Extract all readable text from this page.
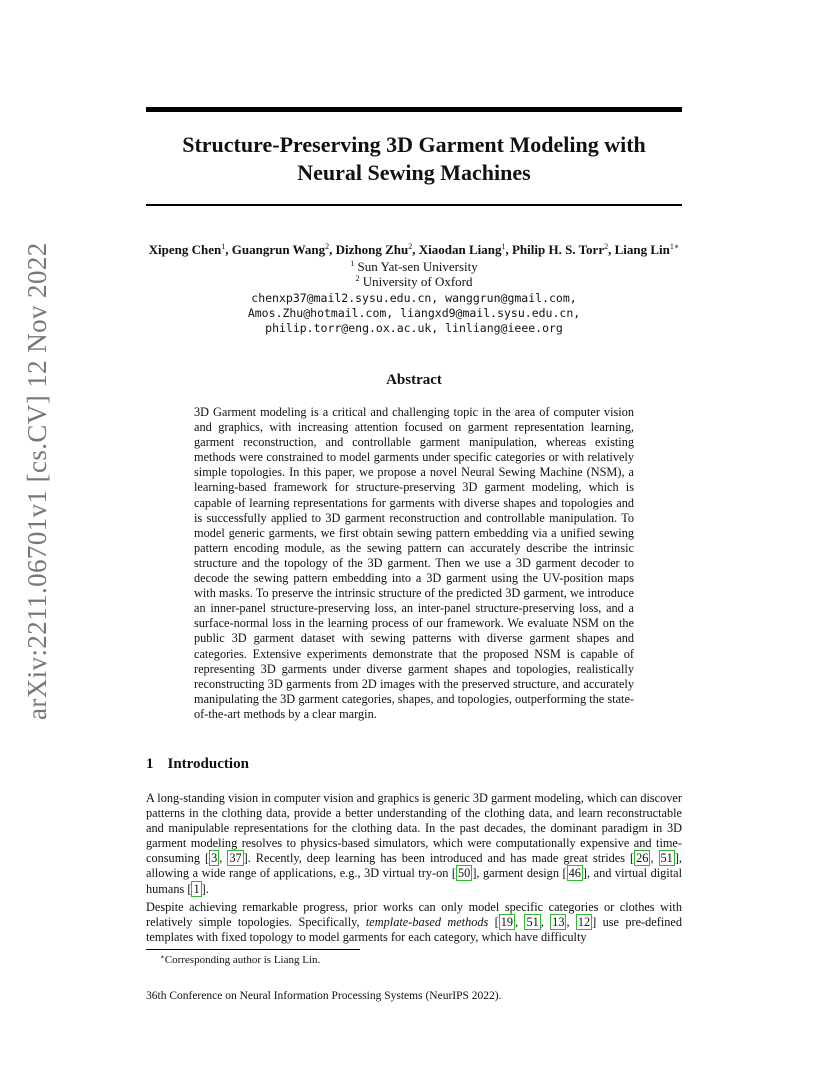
Structure-Preserving 3D Garment Modeling with
Neural Sewing Machines
Xipeng Chen$^1$, Guangrun Wang$^2$, Dizhong Zhu$^2$, Xiaodan Liang$^1$, Philip H. S. Torr$^2$, Liang Lin$^{1∗}$
$^1$ Sun Yat-sen University
$^2$ University of Oxford
chenxp37@mail2.sysu.edu.cn, wanggrun@gmail.com,
Amos.Zhu@hotmail.com, liangxd9@mail.sysu.edu.cn,
philip.torr@eng.ox.ac.uk, linliang@ieee.org
Abstract

3D Garment modeling is a critical and challenging topic in the area of computer vision and graphics, with increasing attention focused on garment representation learning, garment reconstruction, and controllable garment manipulation, whereas existing methods were constrained to model garments under specific categories or with relatively simple topologies. In this paper, we propose a novel Neural Sewing Machine (NSM), a learning-based framework for structure-preserving 3D garment modeling, which is capable of learning representations for garments with diverse shapes and topologies and is successfully applied to 3D garment reconstruction and controllable manipulation. To model generic garments, we first obtain sewing pattern embedding via a unified sewing pattern encoding module, as the sewing pattern can accurately describe the intrinsic structure and the topology of the 3D garment. Then we use a 3D garment decoder to decode the sewing pattern embedding into a 3D garment using the UV-position maps with masks. To preserve the intrinsic structure of the predicted 3D garment, we introduce an inner-panel structure-preserving loss, an inter-panel structure-preserving loss, and a surface-normal loss in the learning process of our framework. We evaluate NSM on the public 3D garment dataset with sewing patterns with diverse garment shapes and categories. Extensive experiments demonstrate that the proposed NSM is capable of representing 3D garments under diverse garment shapes and topologies, realistically reconstructing 3D garments from 2D images with the preserved structure, and accurately manipulating the 3D garment categories, shapes, and topologies, outperforming the state-of-the-art methods by a clear margin.

arXiv:2211.06701v1 [cs.CV] 12 Nov 2022
1 Introduction

A long-standing vision in computer vision and graphics is generic 3D garment modeling, which can discover patterns in the clothing data, provide a better understanding of the clothing data, and learn reconstructable and manipulable representations for the clothing data. In the past decades, the dominant paradigm in 3D garment modeling resolves to physics-based simulators, which were computationally expensive and time-consuming [ 3 , 37 ]. Recently, deep learning has been introduced and has made great strides [ 26 , 51 ], allowing a wide range of applications, e.g., 3D virtual try-on [ 50 ], garment design [ 46 ], and virtual digital humans [ 1 ].

Despite achieving remarkable progress, prior works can only model specific categories or clothes with relatively simple topologies. Specifically, template-based methods [ 19 , 51 , 13 , 12 ] use pre-defined templates with fixed topology to model garments for each category, which have difficulty

∗Corresponding author is Liang Lin.
36th Conference on Neural Information Processing Systems (NeurIPS 2022).
